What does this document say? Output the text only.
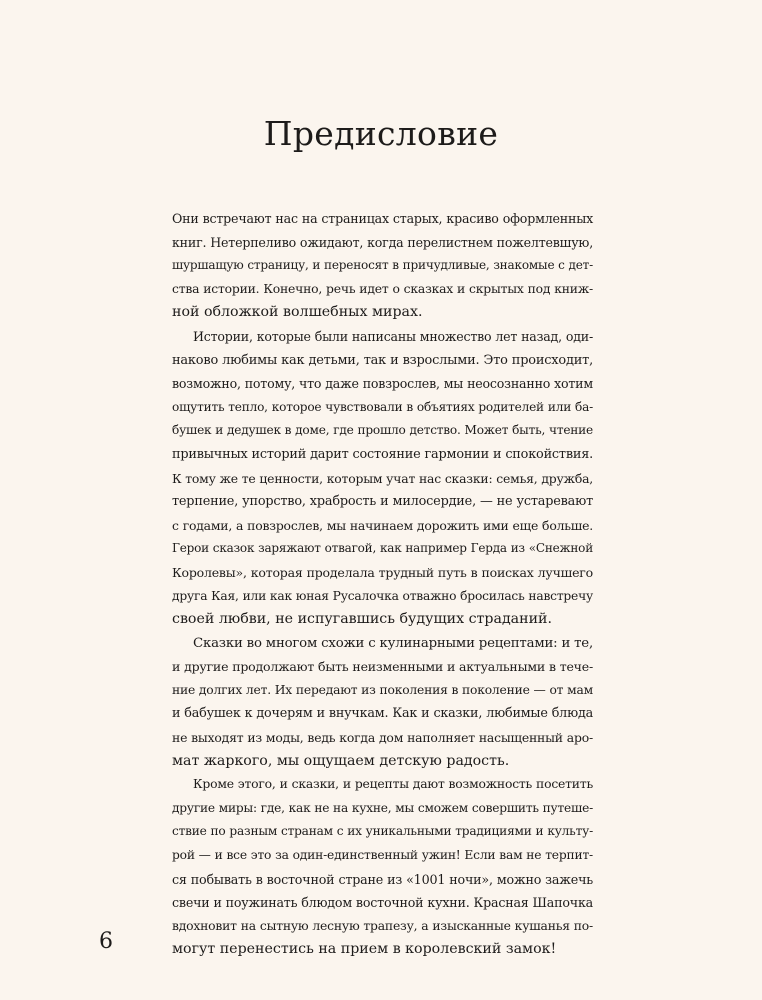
Предисловие

Они встречают нас на страницах старых, красиво оформленных
книг. Нетерпеливо ожидают, когда перелистнем пожелтевшую,
шуршащую страницу, и переносят в причудливые, знакомые с дет-
ства истории. Конечно, речь идет о сказках и скрытых под книж-
ной обложкой волшебных мирах.

Истории, которые были написаны множество лет назад, оди-
наково любимы как детьми, так и взрослыми. Это происходит,
возможно, потому, что даже повзрослев, мы неосознанно хотим
ощутить тепло, которое чувствовали в объятиях родителей или ба-
бушек и дедушек в доме, где прошло детство. Может быть, чтение
привычных историй дарит состояние гармонии и спокойствия.
К тому же те ценности, которым учат нас сказки: семья, дружба,
терпение, упорство, храбрость и милосердие, — не устаревают
с годами, а повзрослев, мы начинаем дорожить ими еще больше.
Герои сказок заряжают отвагой, как например Герда из «Снежной
Королевы», которая проделала трудный путь в поисках лучшего
друга Кая, или как юная Русалочка отважно бросилась навстречу
своей любви, не испугавшись будущих страданий.

Сказки во многом схожи с кулинарными рецептами: и те,
и другие продолжают быть неизменными и актуальными в тече-
ние долгих лет. Их передают из поколения в поколение — от мам
и бабушек к дочерям и внучкам. Как и сказки, любимые блюда
не выходят из моды, ведь когда дом наполняет насыщенный аро-
мат жаркого, мы ощущаем детскую радость.

Кроме этого, и сказки, и рецепты дают возможность посетить
другие миры: где, как не на кухне, мы сможем совершить путеше-
ствие по разным странам с их уникальными традициями и культу-
рой — и все это за один-единственный ужин! Если вам не терпит-
ся побывать в восточной стране из «1001 ночи», можно зажечь
свечи и поужинать блюдом восточной кухни. Красная Шапочка
вдохновит на сытную лесную трапезу, а изысканные кушанья по-
могут перенестись на прием в королевский замок!

6
